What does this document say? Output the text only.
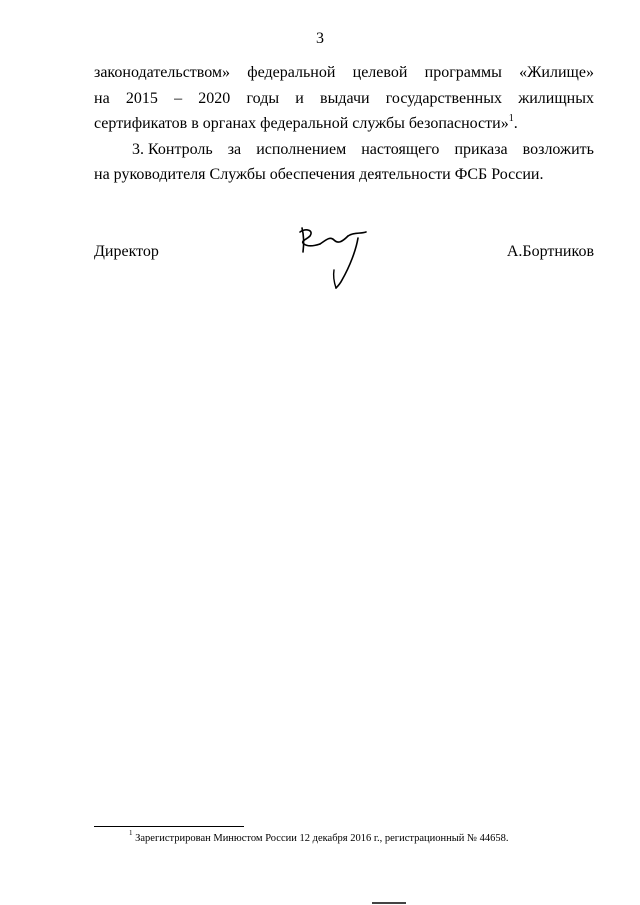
3
законодательством» федеральной целевой программы «Жилище»
на 2015 – 2020 годы и выдачи государственных жилищных
сертификатов в органах федеральной службы безопасности»$^1$.
3. Контроль за исполнением настоящего приказа возложить
на руководителя Службы обеспечения деятельности ФСБ России.
Директор	А.Бортников
$^1$ Зарегистрирован Минюстом России 12 декабря 2016 г., регистрационный № 44658.
